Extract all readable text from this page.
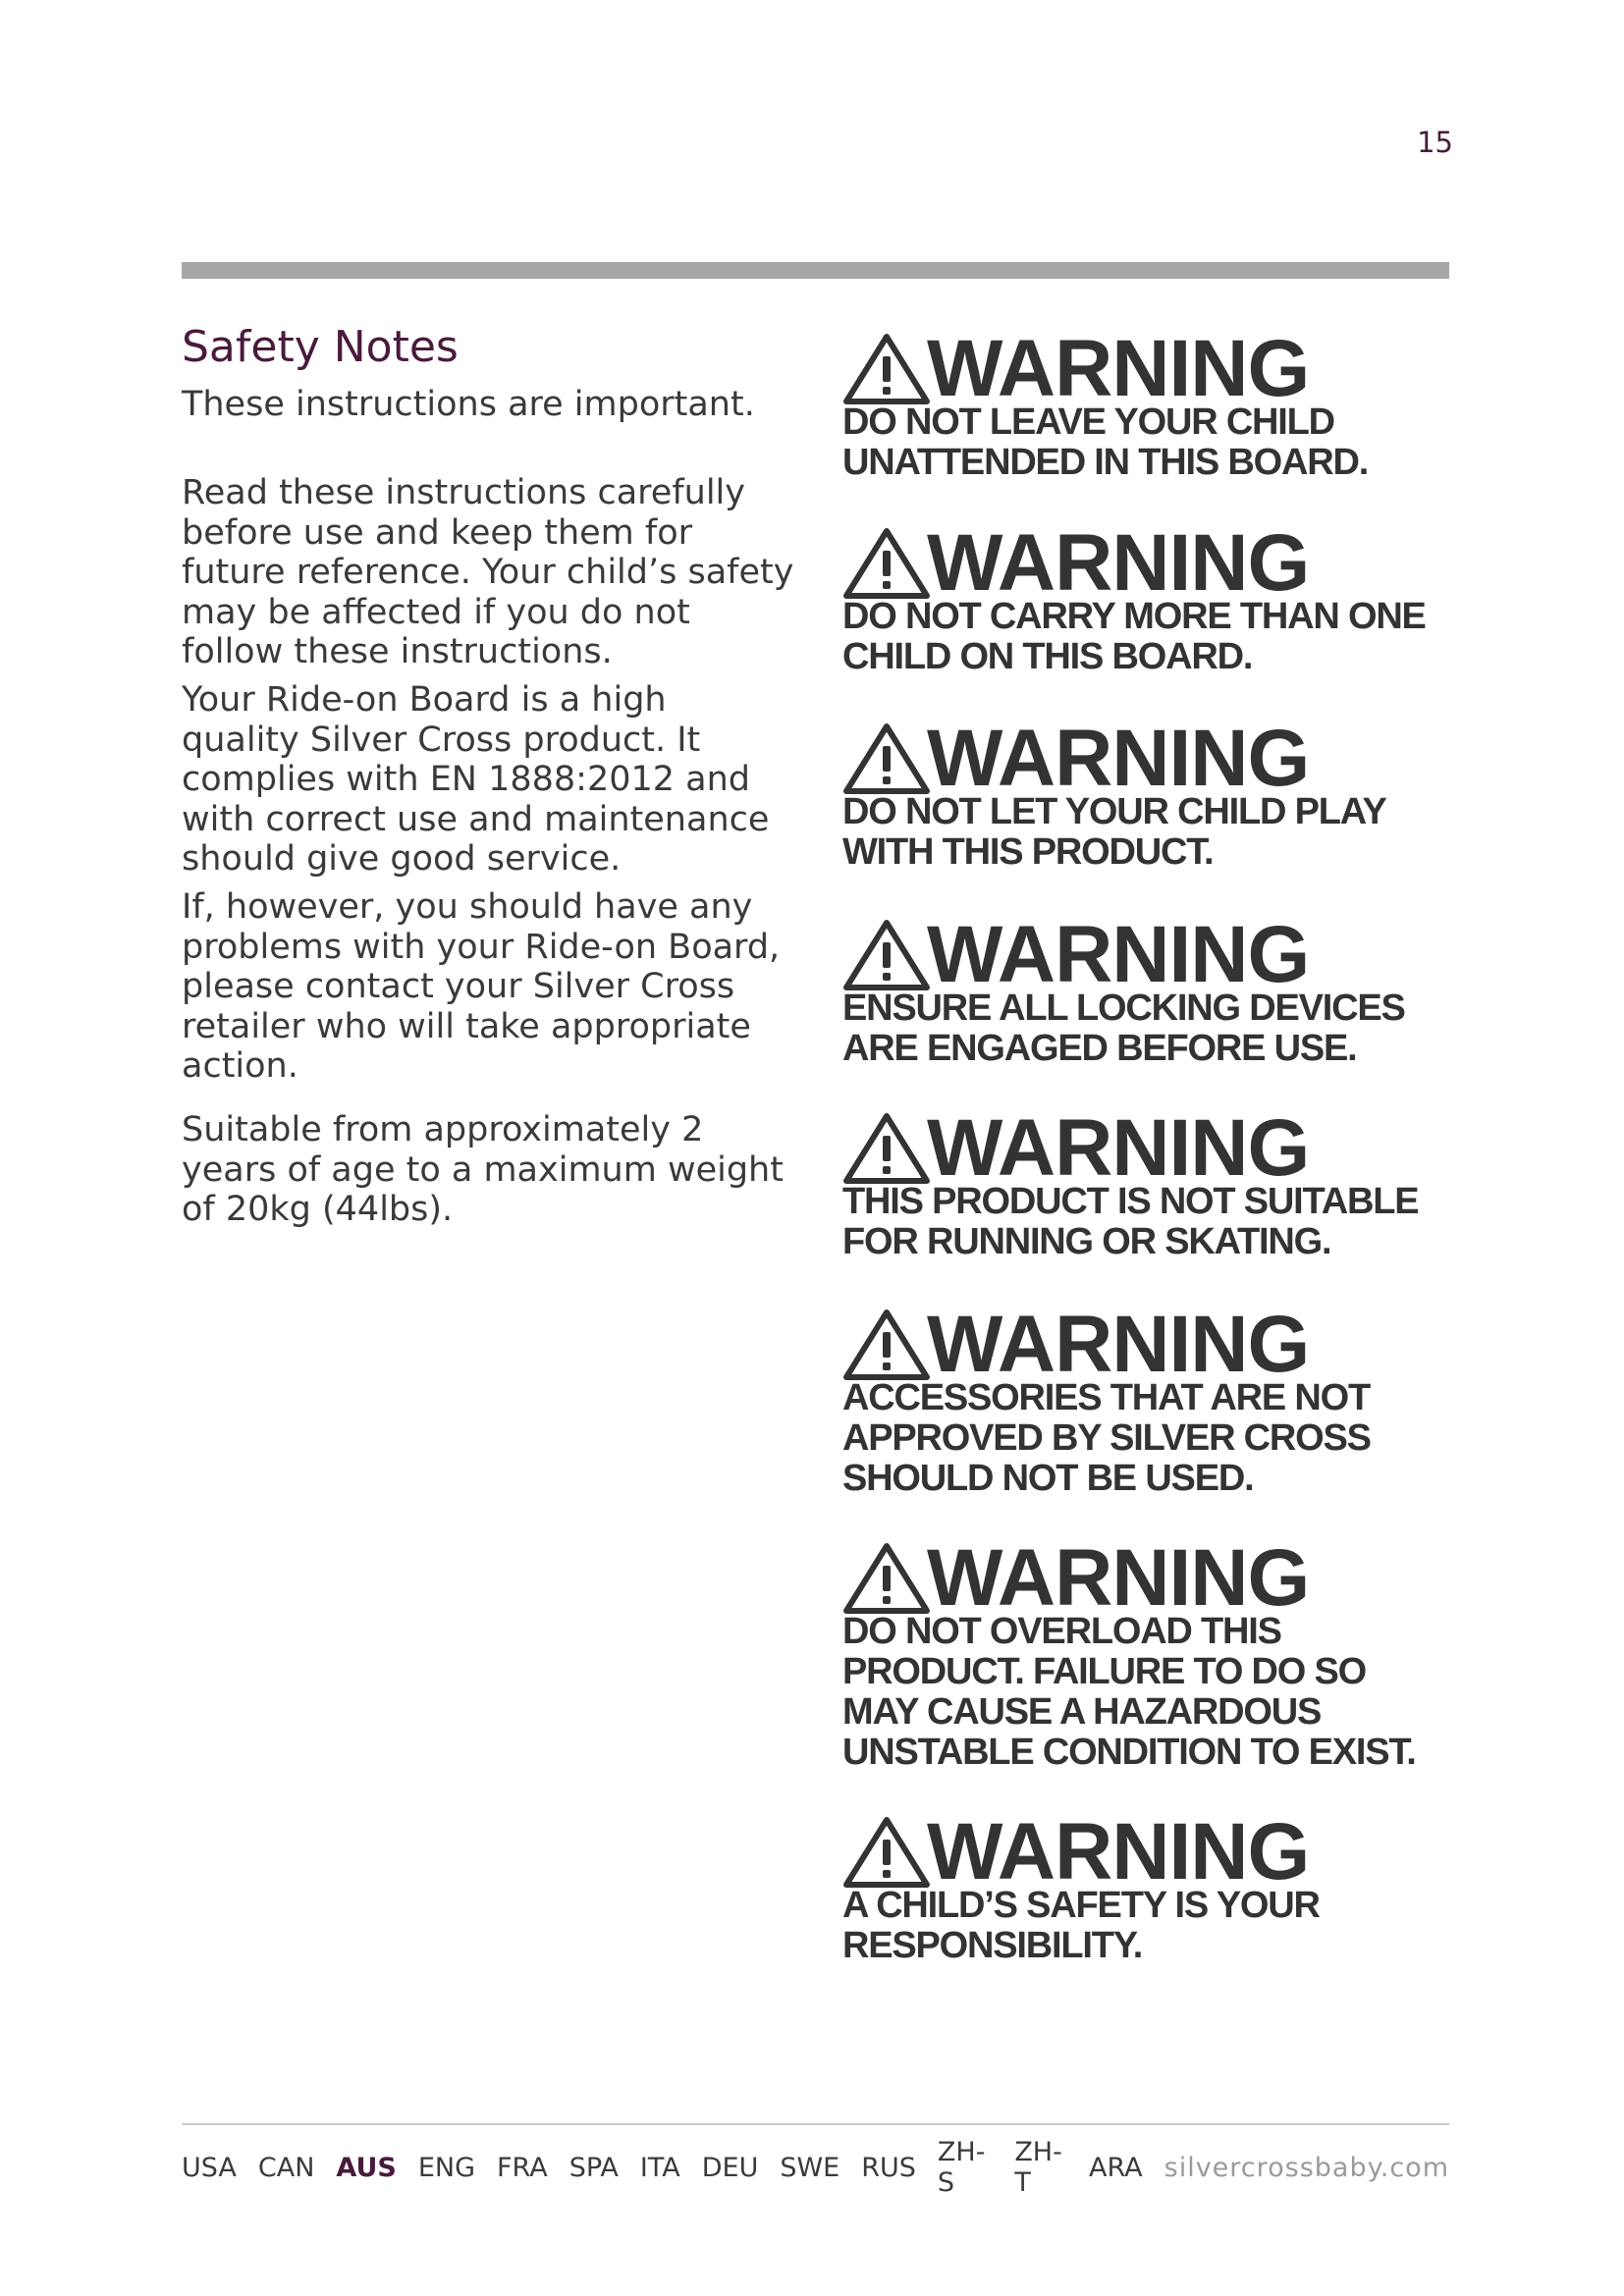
15
Safety Notes

These instructions are important.

Read these instructions carefully
before use and keep them for
future reference. Your child’s safety
may be affected if you do not
follow these instructions.

Your Ride-on Board is a high
quality Silver Cross product. It
complies with EN 1888:2012 and
with correct use and maintenance
should give good service.

If, however, you should have any
problems with your Ride-on Board,
please contact your Silver Cross
retailer who will take appropriate
action.

Suitable from approximately 2
years of age to a maximum weight
of 20kg (44lbs).

WARNING
DO NOT LEAVE YOUR CHILD
UNATTENDED IN THIS BOARD.
WARNING
DO NOT CARRY MORE THAN ONE
CHILD ON THIS BOARD.
WARNING
DO NOT LET YOUR CHILD PLAY
WITH THIS PRODUCT.
WARNING
ENSURE ALL LOCKING DEVICES
ARE ENGAGED BEFORE USE.
WARNING
THIS PRODUCT IS NOT SUITABLE
FOR RUNNING OR SKATING.
WARNING
ACCESSORIES THAT ARE NOT
APPROVED BY SILVER CROSS
SHOULD NOT BE USED.
WARNING
DO NOT OVERLOAD THIS
PRODUCT. FAILURE TO DO SO
MAY CAUSE A HAZARDOUS
UNSTABLE CONDITION TO EXIST.
WARNING
A CHILD’S SAFETY IS YOUR
RESPONSIBILITY.
USA CAN AUS ENG FRA SPA ITA DEU SWE RUS ZH-S
ZH-T	ARA silvercrossbaby.com
